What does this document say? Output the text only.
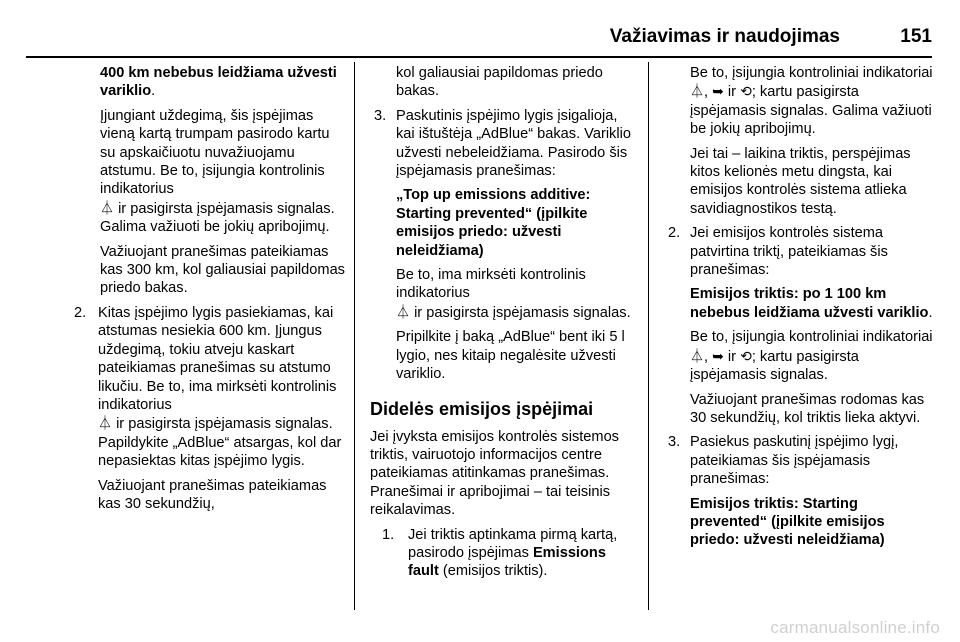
Važiavimas ir naudojimas	151

400 km nebebus leidžiama užvesti variklio.

Įjungiant uždegimą, šis įspėjimas vieną kartą trumpam pasirodo kartu su apskaičiuotu nuvažiuojamu atstumu. Be to, įsijungia kontrolinis indikatorius
⏃ ir pasigirsta įspėjamasis signalas. Galima važiuoti be jokių apribojimų.

Važiuojant pranešimas pateikiamas kas 300 km, kol galiausiai papildomas priedo bakas.

2. Kitas įspėjimo lygis pasiekiamas, kai atstumas nesiekia 600 km. Įjungus uždegimą, tokiu atveju kaskart pateikiamas pranešimas su atstumo likučiu. Be to, ima mirksėti kontrolinis indikatorius
⏃ ir pasigirsta įspėjamasis signalas. Papildykite „AdBlue“ atsargas, kol dar nepasiektas kitas įspėjimo lygis.

Važiuojant pranešimas pateikiamas kas 30 sekundžių,

kol galiausiai papildomas priedo bakas.

3. Paskutinis įspėjimo lygis įsigalioja, kai ištuštėja „AdBlue“ bakas. Variklio užvesti nebeleidžiama. Pasirodo šis įspėjamasis pranešimas:

„Top up emissions additive: Starting prevented“ (įpilkite emisijos priedo: užvesti neleidžiama)

Be to, ima mirksėti kontrolinis indikatorius
⏃ ir pasigirsta įspėjamasis signalas.

Pripilkite į baką „AdBlue“ bent iki 5 l lygio, nes kitaip negalėsite užvesti variklio.

Didelės emisijos įspėjimai

Jei įvyksta emisijos kontrolės sistemos triktis, vairuotojo informacijos centre pateikiamas atitinkamas pranešimas. Pranešimai ir apribojimai – tai teisinis reikalavimas.

1. Jei triktis aptinkama pirmą kartą, pasirodo įspėjimas Emissions fault (emisijos triktis).

Be to, įsijungia kontroliniai indikatoriai ⏃, ➥ ir ⟲; kartu pasigirsta įspėjamasis signalas. Galima važiuoti be jokių apribojimų.

Jei tai – laikina triktis, perspėjimas kitos kelionės metu dingsta, kai emisijos kontrolės sistema atlieka savidiagnostikos testą.

2. Jei emisijos kontrolės sistema patvirtina triktį, pateikiamas šis pranešimas:

Emisijos triktis: po 1 100 km nebebus leidžiama užvesti variklio.

Be to, įsijungia kontroliniai indikatoriai ⏃, ➥ ir ⟲; kartu pasigirsta įspėjamasis signalas.

Važiuojant pranešimas rodomas kas 30 sekundžių, kol triktis lieka aktyvi.

3. Pasiekus paskutinį įspėjimo lygį, pateikiamas šis įspėjamasis pranešimas:

Emisijos triktis: Starting prevented“ (įpilkite emisijos priedo: užvesti neleidžiama)

carmanualsonline.info
